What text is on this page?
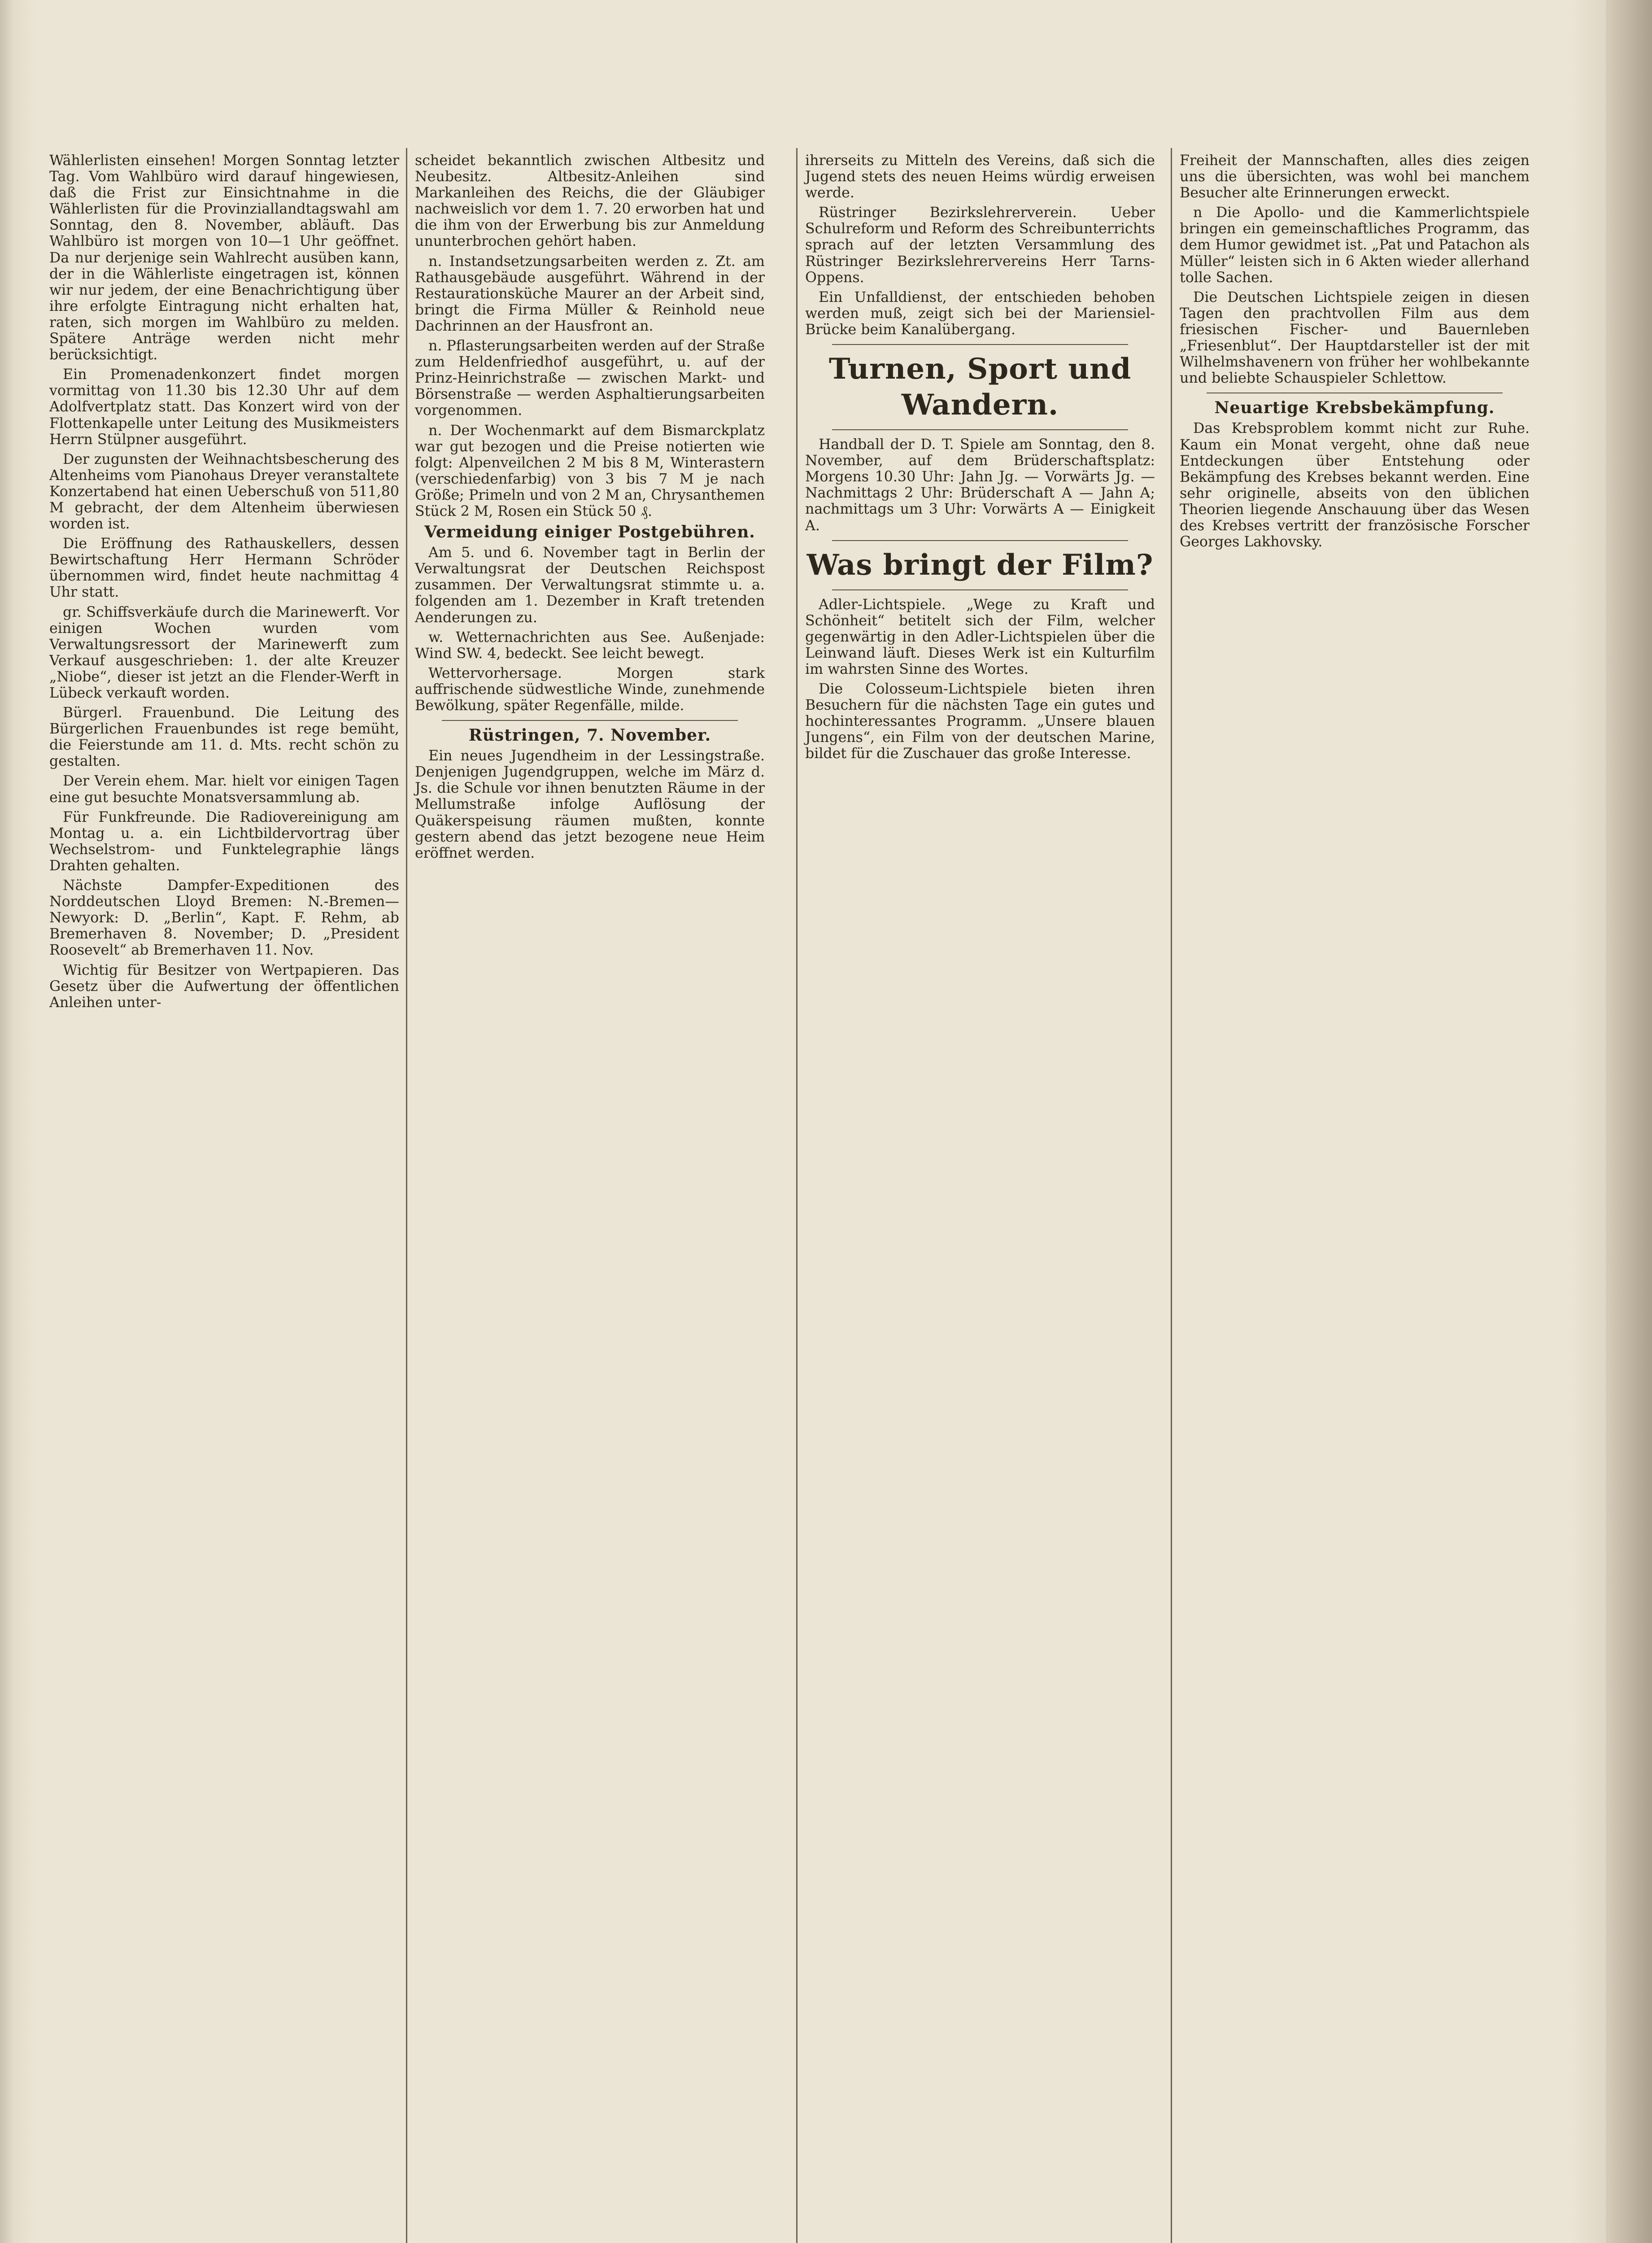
Wählerlisten einsehen! Morgen Sonntag letzter Tag. Vom Wahlbüro wird darauf hingewiesen, daß die Frist zur Einsichtnahme in die Wählerlisten für die Provinziallandtagswahl am Sonntag, den 8. November, abläuft. Das Wahlbüro ist morgen von 10—1 Uhr geöffnet. Da nur derjenige sein Wahlrecht ausüben kann, der in die Wählerliste eingetragen ist, können wir nur jedem, der eine Benachrichtigung über ihre erfolgte Eintragung nicht erhalten hat, raten, sich morgen im Wahlbüro zu melden. Spätere Anträge werden nicht mehr berücksichtigt.

Ein Promenadenkonzert findet morgen vormittag von 11.30 bis 12.30 Uhr auf dem Adolfvertplatz statt. Das Konzert wird von der Flottenkapelle unter Leitung des Musikmeisters Herrn Stülpner ausgeführt.

Der zugunsten der Weihnachtsbescherung des Altenheims vom Pianohaus Dreyer veranstaltete Konzertabend hat einen Ueberschuß von 511,80 M gebracht, der dem Altenheim überwiesen worden ist.

Die Eröffnung des Rathauskellers, dessen Bewirtschaftung Herr Hermann Schröder übernommen wird, findet heute nachmittag 4 Uhr statt.

gr. Schiffsverkäufe durch die Marinewerft. Vor einigen Wochen wurden vom Verwaltungsressort der Marinewerft zum Verkauf ausgeschrieben: 1. der alte Kreuzer „Niobe“, dieser ist jetzt an die Flender-Werft in Lübeck verkauft worden.

Bürgerl. Frauenbund. Die Leitung des Bürgerlichen Frauenbundes ist rege bemüht, die Feierstunde am 11. d. Mts. recht schön zu gestalten.

Der Verein ehem. Mar. hielt vor einigen Tagen eine gut besuchte Monatsversammlung ab.

Für Funkfreunde. Die Radiovereinigung am Montag u. a. ein Lichtbildervortrag über Wechselstrom- und Funktelegraphie längs Drahten gehalten.

Nächste Dampfer-Expeditionen des Norddeutschen Lloyd Bremen: N.-Bremen—Newyork: D. „Berlin“, Kapt. F. Rehm, ab Bremerhaven 8. November; D. „President Roosevelt“ ab Bremerhaven 11. Nov.

Wichtig für Besitzer von Wertpapieren. Das Gesetz über die Aufwertung der öffentlichen Anleihen unter-

scheidet bekanntlich zwischen Altbesitz und Neubesitz. Altbesitz-Anleihen sind Markanleihen des Reichs, die der Gläubiger nachweislich vor dem 1. 7. 20 erworben hat und die ihm von der Erwerbung bis zur Anmeldung ununterbrochen gehört haben.

n. Instandsetzungsarbeiten werden z. Zt. am Rathausgebäude ausgeführt. Während in der Restaurationsküche Maurer an der Arbeit sind, bringt die Firma Müller & Reinhold neue Dachrinnen an der Hausfront an.

n. Pflasterungsarbeiten werden auf der Straße zum Heldenfriedhof ausgeführt, u. auf der Prinz-Heinrichstraße — zwischen Markt- und Börsenstraße — werden Asphaltierungsarbeiten vorgenommen.

n. Der Wochenmarkt auf dem Bismarckplatz war gut bezogen und die Preise notierten wie folgt: Alpenveilchen 2 M bis 8 M, Winterastern (verschiedenfarbig) von 3 bis 7 M je nach Größe; Primeln und von 2 M an, Chrysanthemen Stück 2 M, Rosen ein Stück 50 ₰.

Vermeidung einiger Postgebühren.

Am 5. und 6. November tagt in Berlin der Verwaltungsrat der Deutschen Reichspost zusammen. Der Verwaltungsrat stimmte u. a. folgenden am 1. Dezember in Kraft tretenden Aenderungen zu.

w. Wetternachrichten aus See. Außenjade: Wind SW. 4, bedeckt. See leicht bewegt.

Wettervorhersage. Morgen stark auffrischende südwestliche Winde, zunehmende Bewölkung, später Regenfälle, milde.

Rüstringen, 7. November.

Ein neues Jugendheim in der Lessingstraße. Denjenigen Jugendgruppen, welche im März d. Js. die Schule vor ihnen benutzten Räume in der Mellumstraße infolge Auflösung der Quäkerspeisung räumen mußten, konnte gestern abend das jetzt bezogene neue Heim eröffnet werden.

ihrerseits zu Mitteln des Vereins, daß sich die Jugend stets des neuen Heims würdig erweisen werde.

Rüstringer Bezirkslehrerverein. Ueber Schulreform und Reform des Schreibunterrichts sprach auf der letzten Versammlung des Rüstringer Bezirkslehrervereins Herr Tarns-Oppens.

Ein Unfalldienst, der entschieden behoben werden muß, zeigt sich bei der Mariensiel-Brücke beim Kanalübergang.

Turnen, Sport und Wandern.

Handball der D. T. Spiele am Sonntag, den 8. November, auf dem Brüderschaftsplatz: Morgens 10.30 Uhr: Jahn Jg. — Vorwärts Jg. — Nachmittags 2 Uhr: Brüderschaft A — Jahn A; nachmittags um 3 Uhr: Vorwärts A — Einigkeit A.

Was bringt der Film?

Adler-Lichtspiele. „Wege zu Kraft und Schönheit“ betitelt sich der Film, welcher gegenwärtig in den Adler-Lichtspielen über die Leinwand läuft. Dieses Werk ist ein Kulturfilm im wahrsten Sinne des Wortes.

Die Colosseum-Lichtspiele bieten ihren Besuchern für die nächsten Tage ein gutes und hochinteressantes Programm. „Unsere blauen Jungens“, ein Film von der deutschen Marine, bildet für die Zuschauer das große Interesse.

Freiheit der Mannschaften, alles dies zeigen uns die übersichten, was wohl bei manchem Besucher alte Erinnerungen erweckt.

n Die Apollo- und die Kammerlichtspiele bringen ein gemeinschaftliches Programm, das dem Humor gewidmet ist. „Pat und Patachon als Müller“ leisten sich in 6 Akten wieder allerhand tolle Sachen.

Die Deutschen Lichtspiele zeigen in diesen Tagen den prachtvollen Film aus dem friesischen Fischer- und Bauernleben „Friesenblut“. Der Hauptdarsteller ist der mit Wilhelmshavenern von früher her wohlbekannte und beliebte Schauspieler Schlettow.

Neuartige Krebsbekämpfung.

Das Krebsproblem kommt nicht zur Ruhe. Kaum ein Monat vergeht, ohne daß neue Entdeckungen über Entstehung oder Bekämpfung des Krebses bekannt werden. Eine sehr originelle, abseits von den üblichen Theorien liegende Anschauung über das Wesen des Krebses vertritt der französische Forscher Georges Lakhovsky.
